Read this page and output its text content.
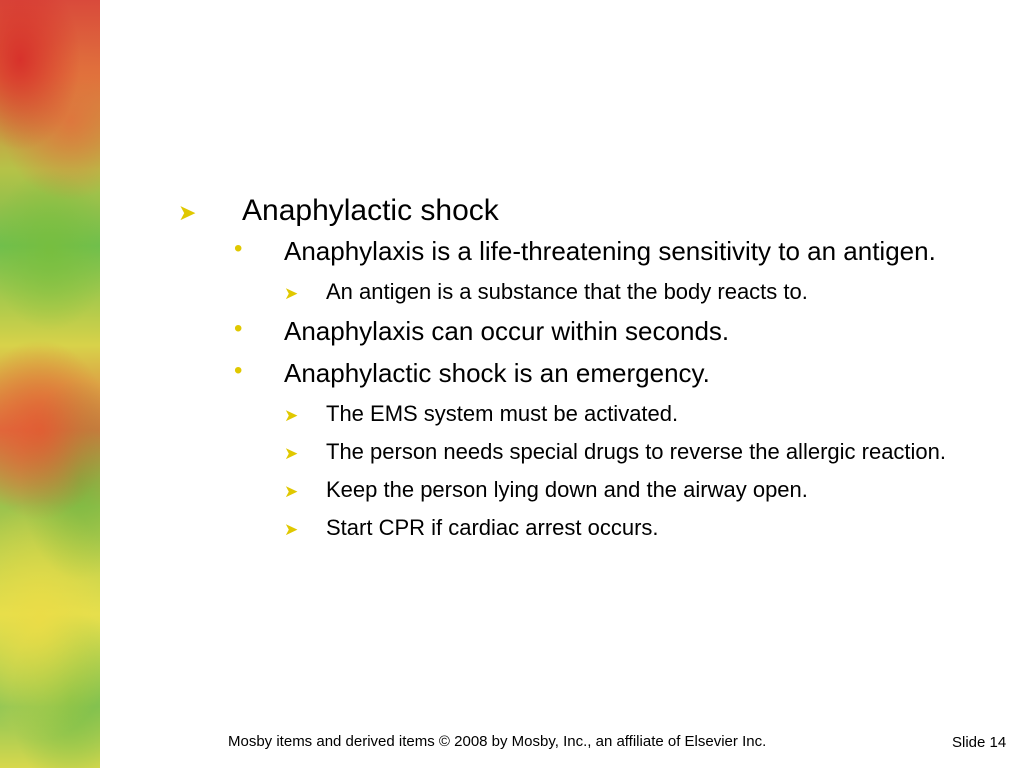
➤ Anaphylactic shock
• Anaphylaxis is a life-threatening sensitivity to an antigen.
➤ An antigen is a substance that the body reacts to.
• Anaphylaxis can occur within seconds.
• Anaphylactic shock is an emergency.
➤ The EMS system must be activated.
➤ The person needs special drugs to reverse the allergic reaction.
➤ Keep the person lying down and the airway open.
➤ Start CPR if cardiac arrest occurs.
Mosby items and derived items © 2008 by Mosby, Inc., an affiliate of Elsevier Inc.	Slide 14
